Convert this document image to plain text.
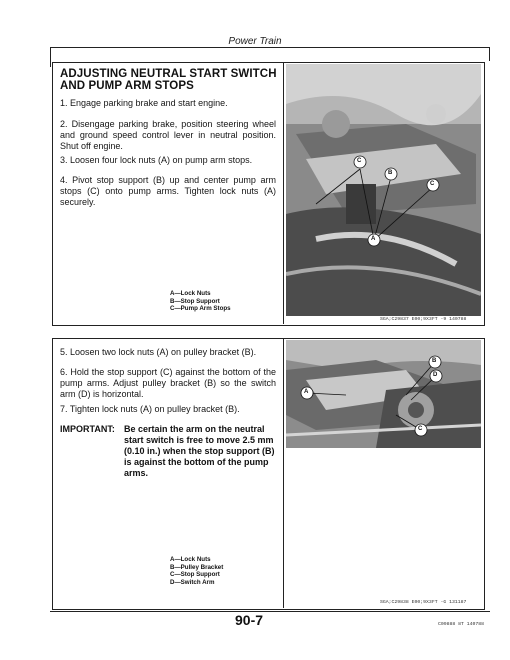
Power Train
ADJUSTING NEUTRAL START SWITCH
AND PUMP ARM STOPS
1. Engage parking brake and start engine.
2. Disengage parking brake, position steering wheel and ground speed control lever in neutral position. Shut off engine.
3. Loosen four lock nuts (A) on pump arm stops.
4. Pivot stop support (B) up and center pump arm stops (C) onto pump arms. Tighten lock nuts (A) securely.
A—Lock Nuts
B—Stop Support
C—Pump Arm Stops
C
B
C
A
SGA;C29837 E00;9X3FT -9 140788
5. Loosen two lock nuts (A) on pulley bracket (B).
6. Hold the stop support (C) against the bottom of the pump arms. Adjust pulley bracket (B) so the switch arm (D) is horizontal.
7. Tighten lock nuts (A) on pulley bracket (B).
IMPORTANT:	Be certain the arm on the neutral start switch is free to move 2.5 mm (0.10 in.) when the stop support (B) is against the bottom of the pump arms.
A—Lock Nuts
B—Pulley Bracket
C—Stop Support
D—Switch Arm
B
D
A
C
SGA;C29838 E00;9X3FT -G 131187
90-7	C09888 8T 140788
